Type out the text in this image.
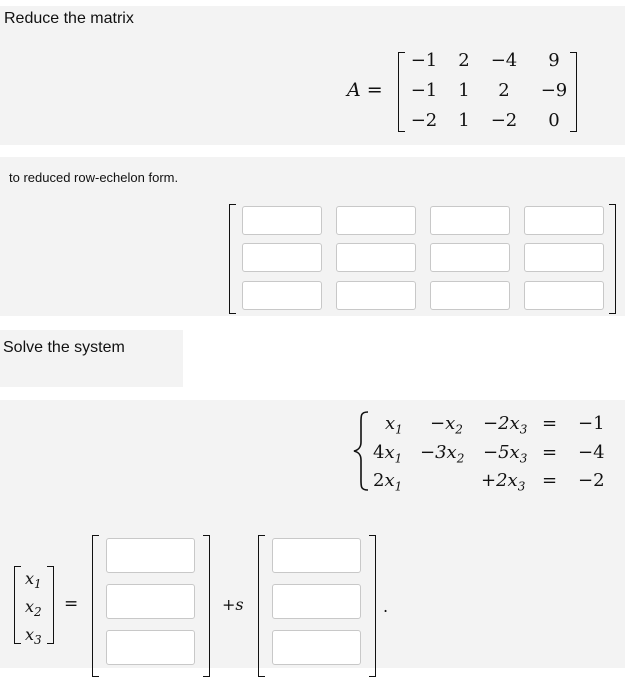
Reduce the matrix
A =
−1	2	−4	9
−1	1	2	−9
−2	1	−2	0
to reduced row-echelon form.
Solve the system
$x_1 -x_2 -2x_3 = -1$
$4x_1 -3x_2 -5x_3 = -4$
$2x_1$	$+2x_3 = -2$
$x_1$
$x_2$
$x_3$
=	+s	.
